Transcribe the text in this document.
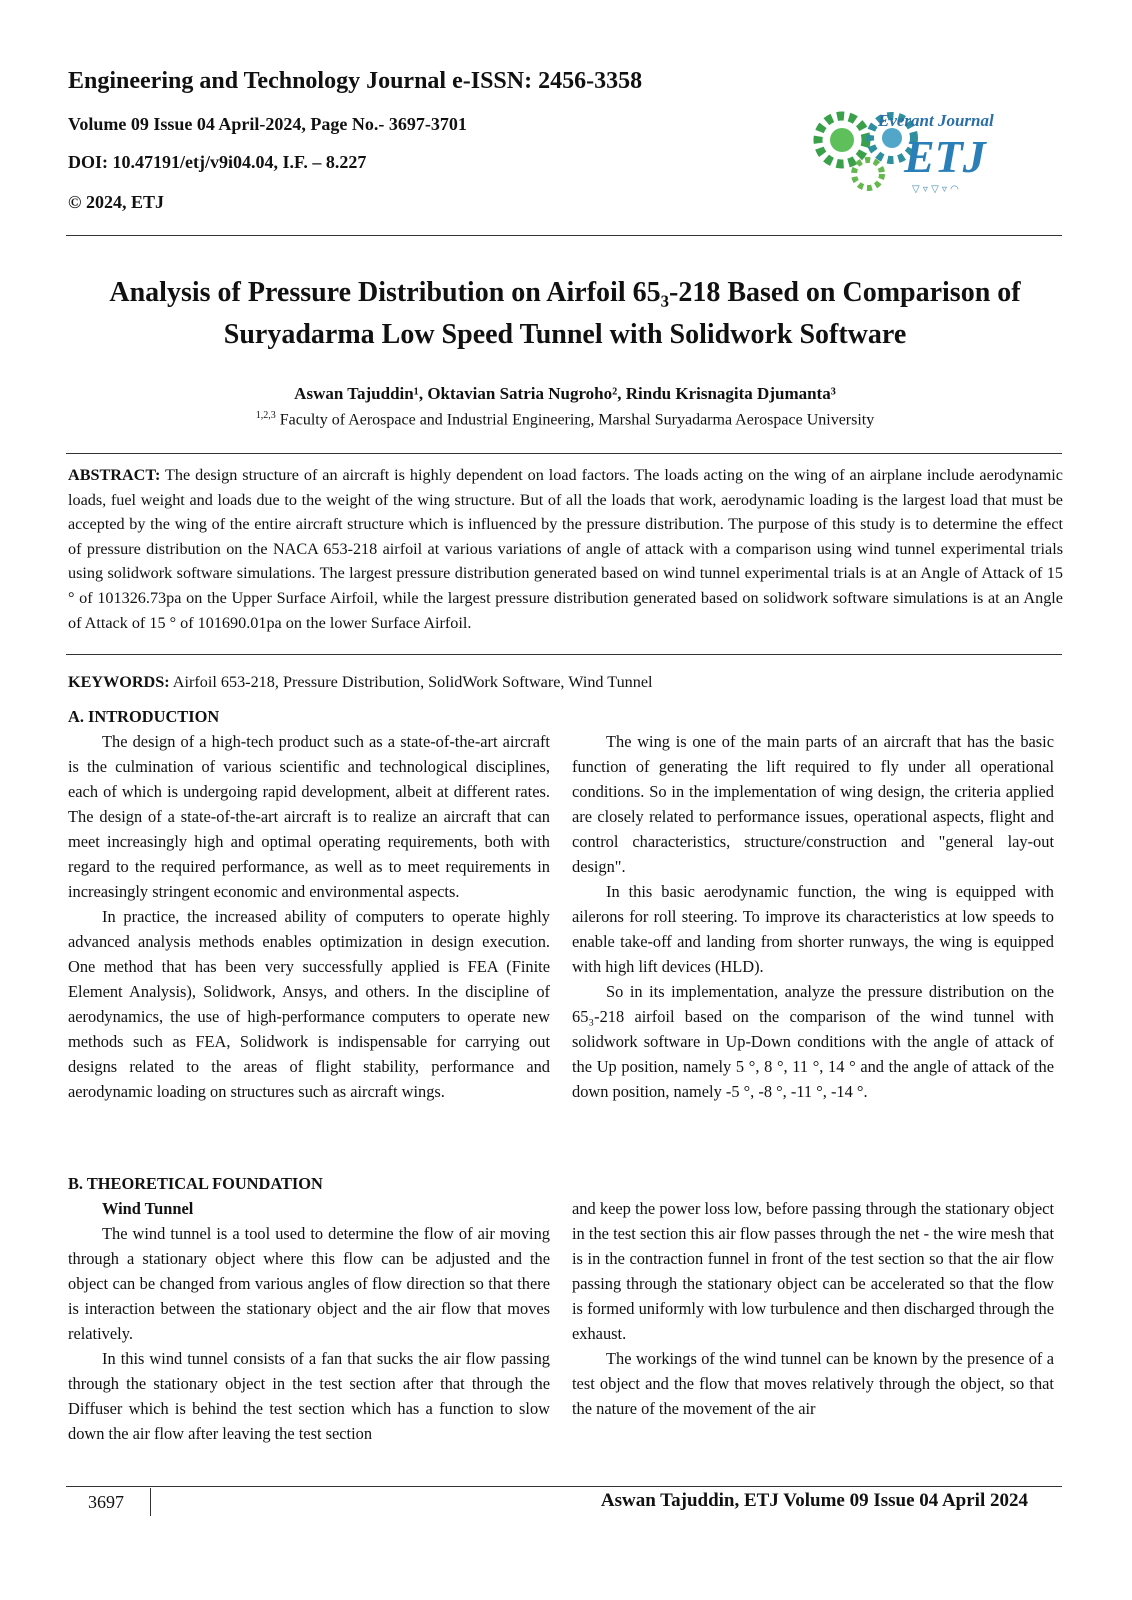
Engineering and Technology Journal e-ISSN: 2456-3358
Volume 09 Issue 04 April-2024, Page No.- 3697-3701
DOI: 10.47191/etj/v9i04.04, I.F. – 8.227
© 2024, ETJ
Everant Journal
ETJ
▽ ▿ ▽ ▿ ◠
Analysis of Pressure Distribution on Airfoil 65₃-218 Based on Comparison of
Suryadarma Low Speed Tunnel with Solidwork Software
Aswan Tajuddin¹, Oktavian Satria Nugroho², Rindu Krisnagita Djumanta³
$^{1,2,3}$ Faculty of Aerospace and Industrial Engineering, Marshal Suryadarma Aerospace University
ABSTRACT: The design structure of an aircraft is highly dependent on load factors. The loads acting on the wing of an airplane include aerodynamic loads, fuel weight and loads due to the weight of the wing structure. But of all the loads that work, aerodynamic loading is the largest load that must be accepted by the wing of the entire aircraft structure which is influenced by the pressure distribution. The purpose of this study is to determine the effect of pressure distribution on the NACA 653-218 airfoil at various variations of angle of attack with a comparison using wind tunnel experimental trials using solidwork software simulations. The largest pressure distribution generated based on wind tunnel experimental trials is at an Angle of Attack of 15 ° of 101326.73pa on the Upper Surface Airfoil, while the largest pressure distribution generated based on solidwork software simulations is at an Angle of Attack of 15 ° of 101690.01pa on the lower Surface Airfoil.
KEYWORDS: Airfoil 653-218, Pressure Distribution, SolidWork Software, Wind Tunnel
A. INTRODUCTION

The design of a high-tech product such as a state-of-the-art aircraft is the culmination of various scientific and technological disciplines, each of which is undergoing rapid development, albeit at different rates. The design of a state-of-the-art aircraft is to realize an aircraft that can meet increasingly high and optimal operating requirements, both with regard to the required performance, as well as to meet requirements in increasingly stringent economic and environmental aspects.

In practice, the increased ability of computers to operate highly advanced analysis methods enables optimization in design execution. One method that has been very successfully applied is FEA (Finite Element Analysis), Solidwork, Ansys, and others. In the discipline of aerodynamics, the use of high-performance computers to operate new methods such as FEA, Solidwork is indispensable for carrying out designs related to the areas of flight stability, performance and aerodynamic loading on structures such as aircraft wings.

The wing is one of the main parts of an aircraft that has the basic function of generating the lift required to fly under all operational conditions. So in the implementation of wing design, the criteria applied are closely related to performance issues, operational aspects, flight and control characteristics, structure/construction and "general lay-out design".

In this basic aerodynamic function, the wing is equipped with ailerons for roll steering. To improve its characteristics at low speeds to enable take-off and landing from shorter runways, the wing is equipped with high lift devices (HLD).

So in its implementation, analyze the pressure distribution on the 65₃-218 airfoil based on the comparison of the wind tunnel with solidwork software in Up-Down conditions with the angle of attack of the Up position, namely 5 °, 8 °, 11 °, 14 ° and the angle of attack of the down position, namely -5 °, -8 °, -11 °, -14 °.

B. THEORETICAL FOUNDATION
Wind Tunnel

The wind tunnel is a tool used to determine the flow of air moving through a stationary object where this flow can be adjusted and the object can be changed from various angles of flow direction so that there is interaction between the stationary object and the air flow that moves relatively.

In this wind tunnel consists of a fan that sucks the air flow passing through the stationary object in the test section after that through the Diffuser which is behind the test section which has a function to slow down the air flow after leaving the test section

and keep the power loss low, before passing through the stationary object in the test section this air flow passes through the net - the wire mesh that is in the contraction funnel in front of the test section so that the air flow passing through the stationary object can be accelerated so that the flow is formed uniformly with low turbulence and then discharged through the exhaust.

The workings of the wind tunnel can be known by the presence of a test object and the flow that moves relatively through the object, so that the nature of the movement of the air

3697	Aswan Tajuddin, ETJ Volume 09 Issue 04 April 2024
